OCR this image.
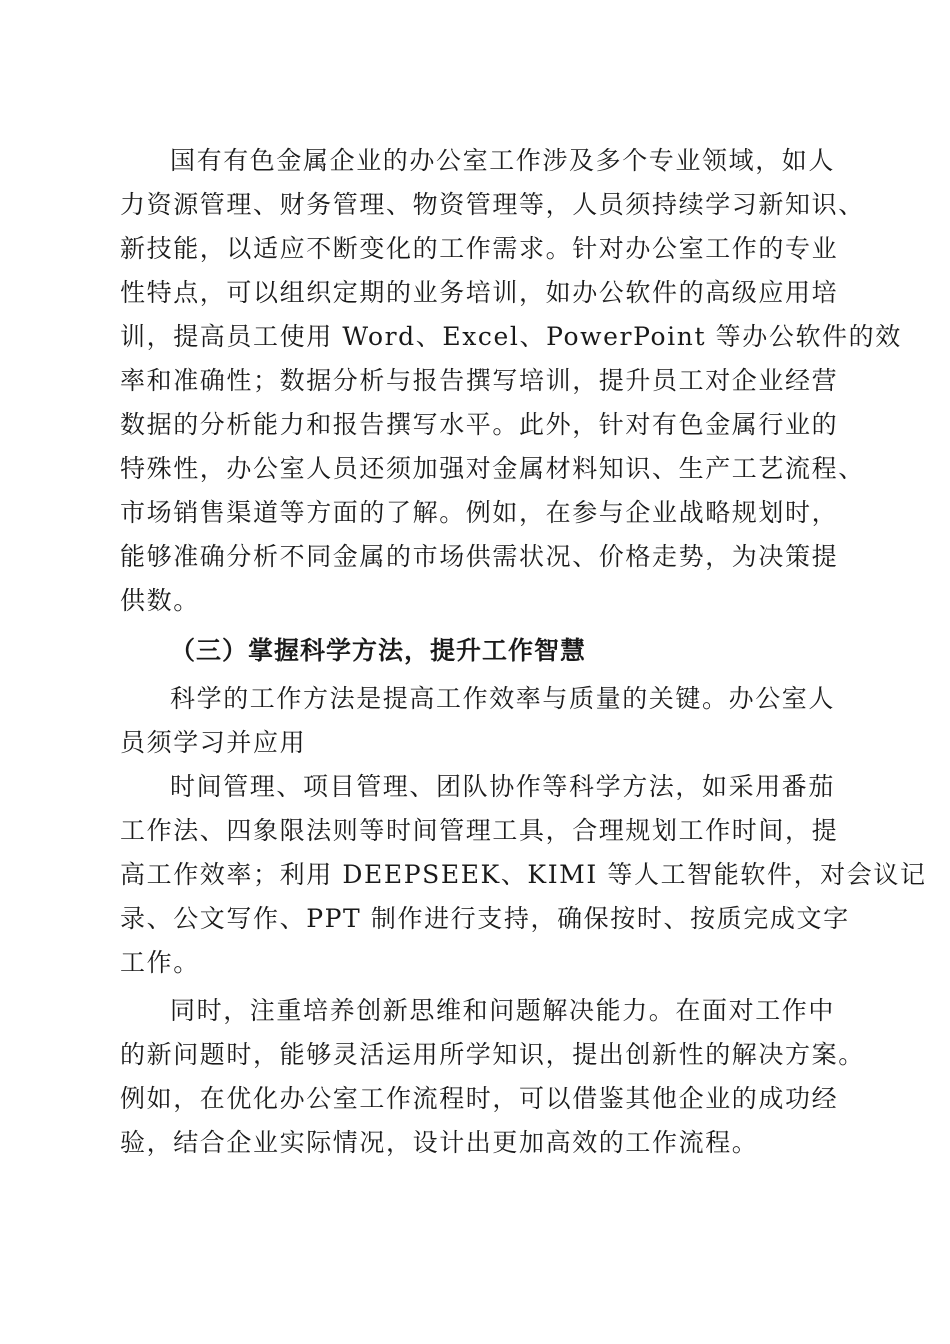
国有有色金属企业的办公室工作涉及多个专业领域，如人
力资源管理、财务管理、物资管理等，人员须持续学习新知识、
新技能，以适应不断变化的工作需求。针对办公室工作的专业
性特点，可以组织定期的业务培训，如办公软件的高级应用培
训，提高员工使用 Word、Excel、PowerPoint 等办公软件的效
率和准确性；数据分析与报告撰写培训，提升员工对企业经营
数据的分析能力和报告撰写水平。此外，针对有色金属行业的
特殊性，办公室人员还须加强对金属材料知识、生产工艺流程、
市场销售渠道等方面的了解。例如，在参与企业战略规划时，
能够准确分析不同金属的市场供需状况、价格走势，为决策提
供数。
（三）掌握科学方法，提升工作智慧
科学的工作方法是提高工作效率与质量的关键。办公室人
员须学习并应用
时间管理、项目管理、团队协作等科学方法，如采用番茄
工作法、四象限法则等时间管理工具，合理规划工作时间，提
高工作效率；利用 DEEPSEEK、KIMI 等人工智能软件，对会议记
录、公文写作、PPT 制作进行支持，确保按时、按质完成文字
工作。
同时，注重培养创新思维和问题解决能力。在面对工作中
的新问题时，能够灵活运用所学知识，提出创新性的解决方案。
例如，在优化办公室工作流程时，可以借鉴其他企业的成功经
验，结合企业实际情况，设计出更加高效的工作流程。
